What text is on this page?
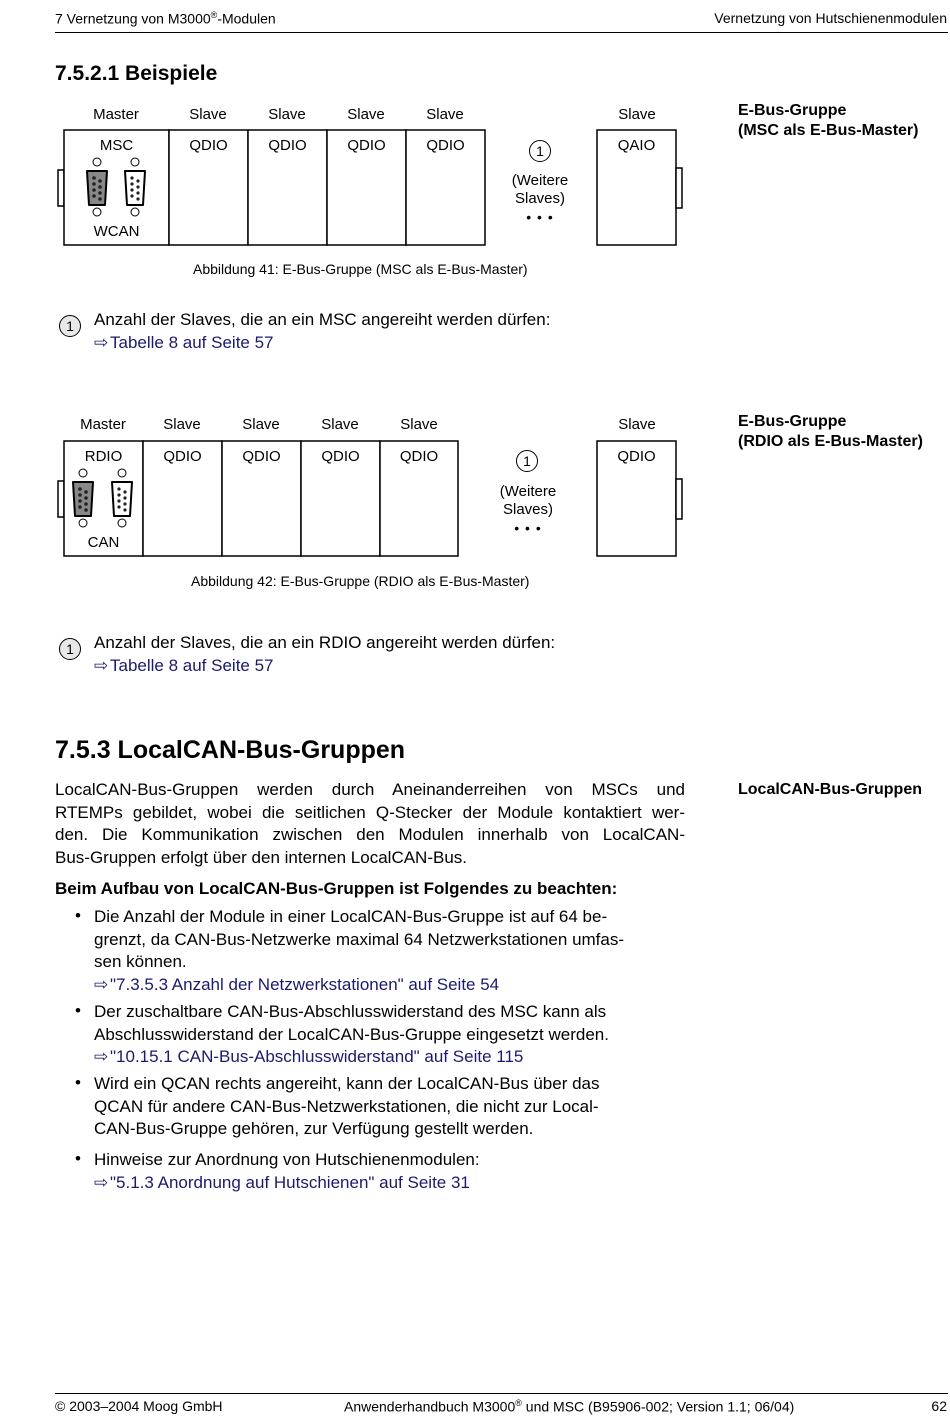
7 Vernetzung von M3000®-Modulen	Vernetzung von Hutschienenmodulen
7.5.2.1 Beispiele
Master	Slave	Slave	Slave	Slave	Slave
MSC
WCAN
QDIO	QDIO	QDIO	QDIO	QAIO
1
(Weitere
Slaves)
• • •
Abbildung 41: E-Bus-Gruppe (MSC als E-Bus-Master)
E-Bus-Gruppe
(MSC als E-Bus-Master)
1	Anzahl der Slaves, die an ein MSC angereiht werden dürfen:
⇨ Tabelle 8 auf Seite 57
Master	Slave	Slave	Slave	Slave	Slave
RDIO
CAN
QDIO	QDIO	QDIO	QDIO	QDIO
1
(Weitere
Slaves)
• • •
Abbildung 42: E-Bus-Gruppe (RDIO als E-Bus-Master)
E-Bus-Gruppe
(RDIO als E-Bus-Master)
1	Anzahl der Slaves, die an ein RDIO angereiht werden dürfen:
⇨ Tabelle 8 auf Seite 57
7.5.3 LocalCAN-Bus-Gruppen
LocalCAN-Bus-Gruppen
LocalCAN-Bus-Gruppen werden durch Aneinanderreihen von MSCs und
RTEMPs gebildet, wobei die seitlichen Q-Stecker der Module kontaktiert wer-
den. Die Kommunikation zwischen den Modulen innerhalb von LocalCAN-
Bus-Gruppen erfolgt über den internen LocalCAN-Bus.
Beim Aufbau von LocalCAN-Bus-Gruppen ist Folgendes zu beachten:
• Die Anzahl der Module in einer LocalCAN-Bus-Gruppe ist auf 64 be-
grenzt, da CAN-Bus-Netzwerke maximal 64 Netzwerkstationen umfas-
sen können.
⇨ "7.3.5.3 Anzahl der Netzwerkstationen" auf Seite 54
• Der zuschaltbare CAN-Bus-Abschlusswiderstand des MSC kann als
Abschlusswiderstand der LocalCAN-Bus-Gruppe eingesetzt werden.
⇨ "10.15.1 CAN-Bus-Abschlusswiderstand" auf Seite 115
• Wird ein QCAN rechts angereiht, kann der LocalCAN-Bus über das
QCAN für andere CAN-Bus-Netzwerkstationen, die nicht zur Local-
CAN-Bus-Gruppe gehören, zur Verfügung gestellt werden.
• Hinweise zur Anordnung von Hutschienenmodulen:
⇨ "5.1.3 Anordnung auf Hutschienen" auf Seite 31
© 2003–2004 Moog GmbH	Anwenderhandbuch M3000® und MSC (B95906-002; Version 1.1; 06/04)	62
